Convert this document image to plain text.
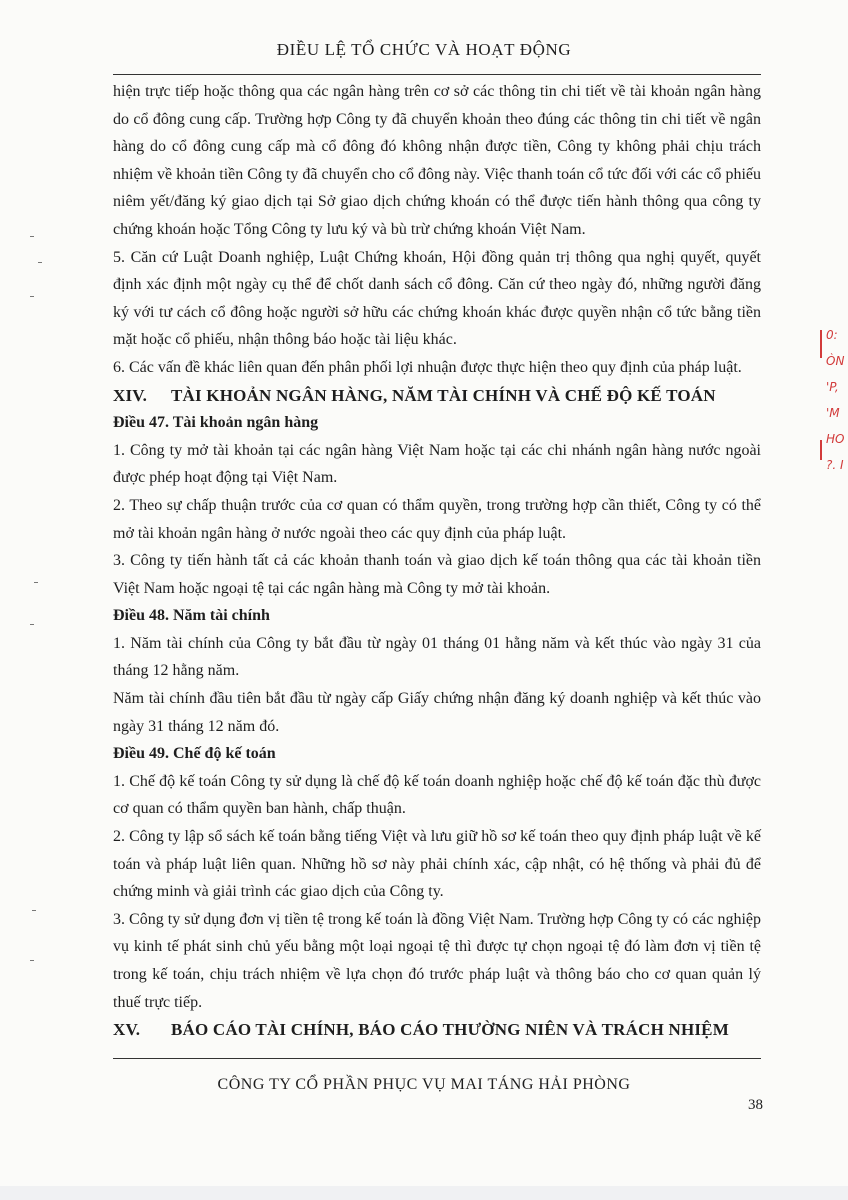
ĐIỀU LỆ TỔ CHỨC VÀ HOẠT ĐỘNG

hiện trực tiếp hoặc thông qua các ngân hàng trên cơ sở các thông tin chi tiết về tài khoản ngân hàng do cổ đông cung cấp. Trường hợp Công ty đã chuyển khoản theo đúng các thông tin chi tiết về ngân hàng do cổ đông cung cấp mà cổ đông đó không nhận được tiền, Công ty không phải chịu trách nhiệm về khoản tiền Công ty đã chuyển cho cổ đông này. Việc thanh toán cổ tức đối với các cổ phiếu niêm yết/đăng ký giao dịch tại Sở giao dịch chứng khoán có thể được tiến hành thông qua công ty chứng khoán hoặc Tổng Công ty lưu ký và bù trừ chứng khoán Việt Nam.

5. Căn cứ Luật Doanh nghiệp, Luật Chứng khoán, Hội đồng quản trị thông qua nghị quyết, quyết định xác định một ngày cụ thể để chốt danh sách cổ đông. Căn cứ theo ngày đó, những người đăng ký với tư cách cổ đông hoặc người sở hữu các chứng khoán khác được quyền nhận cổ tức bằng tiền mặt hoặc cổ phiếu, nhận thông báo hoặc tài liệu khác.

6. Các vấn đề khác liên quan đến phân phối lợi nhuận được thực hiện theo quy định của pháp luật.

XIV. TÀI KHOẢN NGÂN HÀNG, NĂM TÀI CHÍNH VÀ CHẾ ĐỘ KẾ TOÁN

Điều 47. Tài khoản ngân hàng

1. Công ty mở tài khoản tại các ngân hàng Việt Nam hoặc tại các chi nhánh ngân hàng nước ngoài được phép hoạt động tại Việt Nam.

2. Theo sự chấp thuận trước của cơ quan có thẩm quyền, trong trường hợp cần thiết, Công ty có thể mở tài khoản ngân hàng ở nước ngoài theo các quy định của pháp luật.

3. Công ty tiến hành tất cả các khoản thanh toán và giao dịch kế toán thông qua các tài khoản tiền Việt Nam hoặc ngoại tệ tại các ngân hàng mà Công ty mở tài khoản.

Điều 48. Năm tài chính

1. Năm tài chính của Công ty bắt đầu từ ngày 01 tháng 01 hằng năm và kết thúc vào ngày 31 của tháng 12 hằng năm.

Năm tài chính đầu tiên bắt đầu từ ngày cấp Giấy chứng nhận đăng ký doanh nghiệp và kết thúc vào ngày 31 tháng 12 năm đó.

Điều 49. Chế độ kế toán

1. Chế độ kế toán Công ty sử dụng là chế độ kế toán doanh nghiệp hoặc chế độ kế toán đặc thù được cơ quan có thẩm quyền ban hành, chấp thuận.

2. Công ty lập sổ sách kế toán bằng tiếng Việt và lưu giữ hồ sơ kế toán theo quy định pháp luật về kế toán và pháp luật liên quan. Những hồ sơ này phải chính xác, cập nhật, có hệ thống và phải đủ để chứng minh và giải trình các giao dịch của Công ty.

3. Công ty sử dụng đơn vị tiền tệ trong kế toán là đồng Việt Nam. Trường hợp Công ty có các nghiệp vụ kinh tế phát sinh chủ yếu bằng một loại ngoại tệ thì được tự chọn ngoại tệ đó làm đơn vị tiền tệ trong kế toán, chịu trách nhiệm về lựa chọn đó trước pháp luật và thông báo cho cơ quan quản lý thuế trực tiếp.

XV. BÁO CÁO TÀI CHÍNH, BÁO CÁO THƯỜNG NIÊN VÀ TRÁCH NHIỆM

CÔNG TY CỔ PHẦN PHỤC VỤ MAI TÁNG HẢI PHÒNG
38
0:
ÒN
'P,
'M
HO
?. I
